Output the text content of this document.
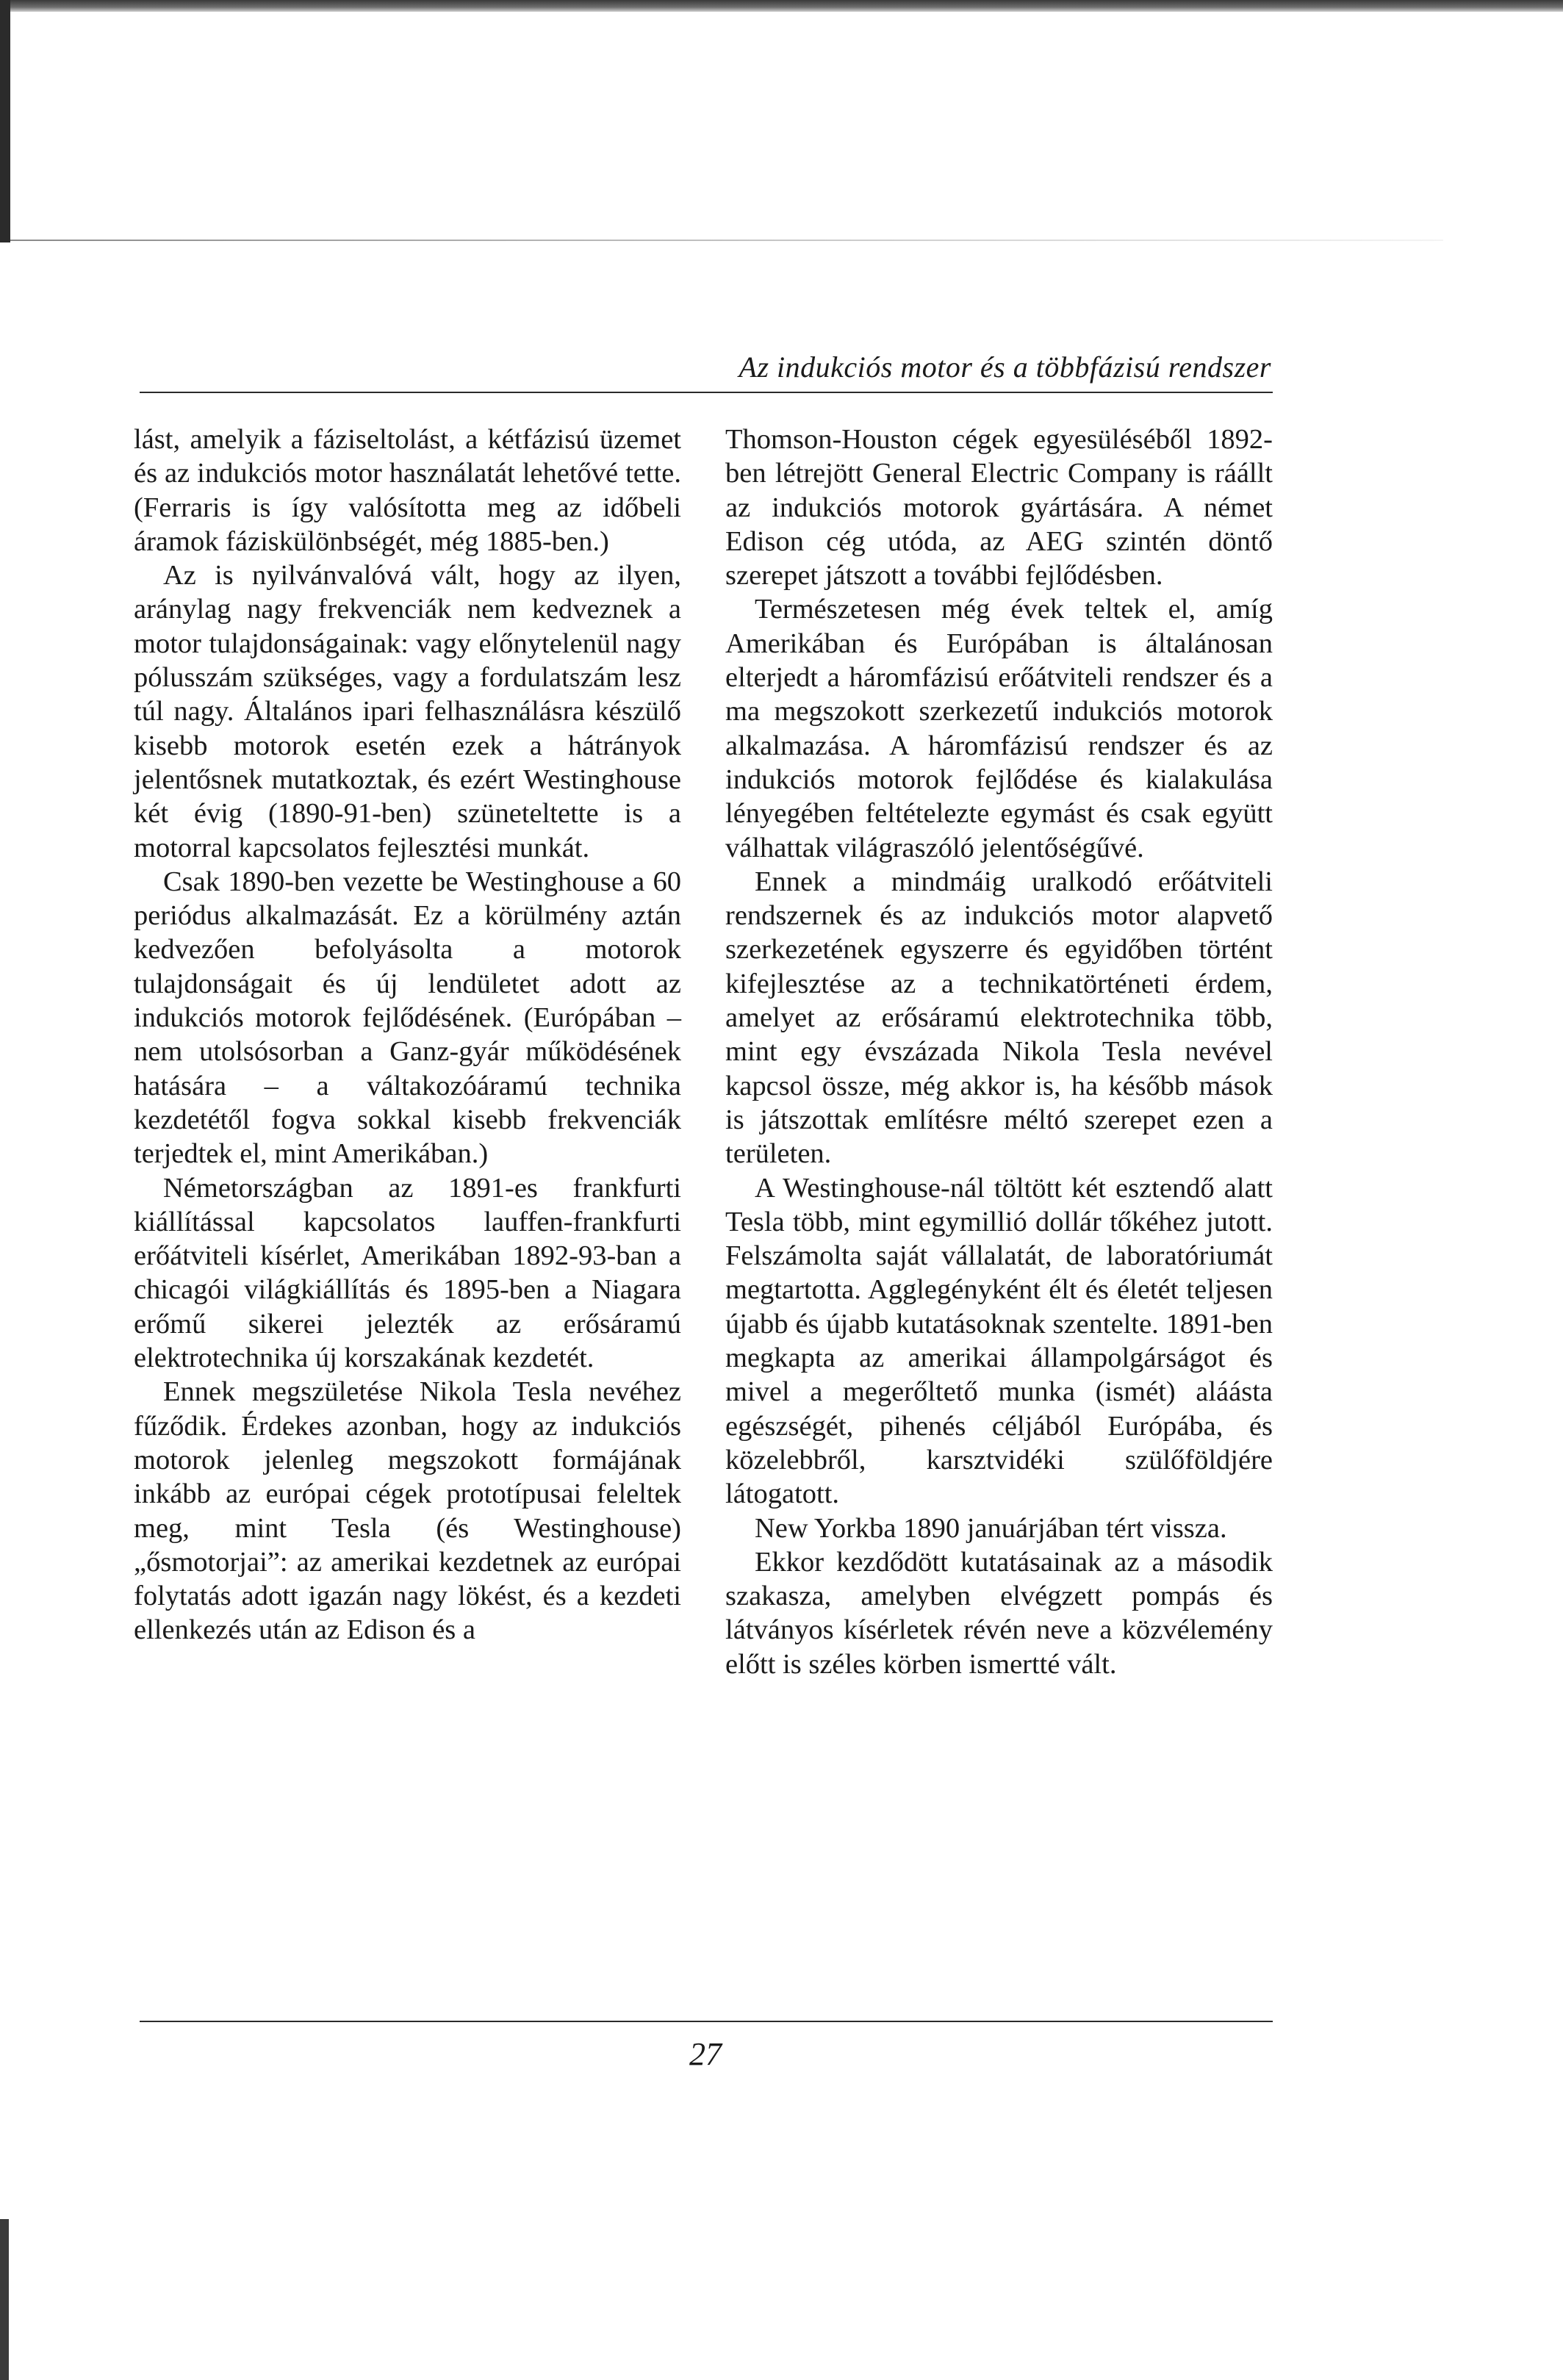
Az indukciós motor és a többfázisú rendszer

lást, amelyik a fáziseltolást, a kétfázisú üzemet és az indukciós motor használatát lehetővé tette. (Ferraris is így valósította meg az időbeli áramok fáziskülönbségét, még 1885-ben.)

Az is nyilvánvalóvá vált, hogy az ilyen, aránylag nagy frekvenciák nem kedveznek a motor tulajdonságainak: vagy előnytelenül nagy pólusszám szükséges, vagy a fordulatszám lesz túl nagy. Általános ipari felhasználásra készülő kisebb motorok esetén ezek a hátrányok jelentősnek mutatkoztak, és ezért Westinghouse két évig (1890-91-ben) szüneteltette is a motorral kapcsolatos fejlesztési munkát.

Csak 1890-ben vezette be Westinghouse a 60 periódus alkalmazását. Ez a körülmény aztán kedvezően befolyásolta a motorok tulajdonságait és új lendületet adott az indukciós motorok fejlődésének. (Európában – nem utolsósorban a Ganz-gyár működésének hatására – a váltakozóáramú technika kezdetétől fogva sokkal kisebb frekvenciák terjedtek el, mint Amerikában.)

Németországban az 1891-es frankfurti kiállítással kapcsolatos lauffen-frankfurti erőátviteli kísérlet, Amerikában 1892-93-ban a chicagói világkiállítás és 1895-ben a Niagara erőmű sikerei jelezték az erősáramú elektrotechnika új korszakának kezdetét.

Ennek megszületése Nikola Tesla nevéhez fűződik. Érdekes azonban, hogy az indukciós motorok jelenleg megszokott formájának inkább az európai cégek prototípusai feleltek meg, mint Tesla (és Westinghouse) „ősmotorjai”: az amerikai kezdetnek az európai folytatás adott igazán nagy lökést, és a kezdeti ellenkezés után az Edison és a

Thomson-Houston cégek egyesüléséből 1892-ben létrejött General Electric Company is ráállt az indukciós motorok gyártására. A német Edison cég utóda, az AEG szintén döntő szerepet játszott a további fejlődésben.

Természetesen még évek teltek el, amíg Amerikában és Európában is általánosan elterjedt a háromfázisú erőátviteli rendszer és a ma megszokott szerkezetű indukciós motorok alkalmazása. A háromfázisú rendszer és az indukciós motorok fejlődése és kialakulása lényegében feltételezte egymást és csak együtt válhattak világraszóló jelentőségűvé.

Ennek a mindmáig uralkodó erőátviteli rendszernek és az indukciós motor alapvető szerkezetének egyszerre és egyidőben történt kifejlesztése az a technikatörténeti érdem, amelyet az erősáramú elektrotechnika több, mint egy évszázada Nikola Tesla nevével kapcsol össze, még akkor is, ha később mások is játszottak említésre méltó szerepet ezen a területen.

A Westinghouse-nál töltött két esztendő alatt Tesla több, mint egymillió dollár tőkéhez jutott. Felszámolta saját vállalatát, de laboratóriumát megtartotta. Agglegényként élt és életét teljesen újabb és újabb kutatásoknak szentelte. 1891-ben megkapta az amerikai állampolgárságot és mivel a megerőltető munka (ismét) aláásta egészségét, pihenés céljából Európába, és közelebbről, karsztvidéki szülőföldjére látogatott.

New Yorkba 1890 januárjában tért vissza.

Ekkor kezdődött kutatásainak az a második szakasza, amelyben elvégzett pompás és látványos kísérletek révén neve a közvélemény előtt is széles körben ismertté vált.

27
